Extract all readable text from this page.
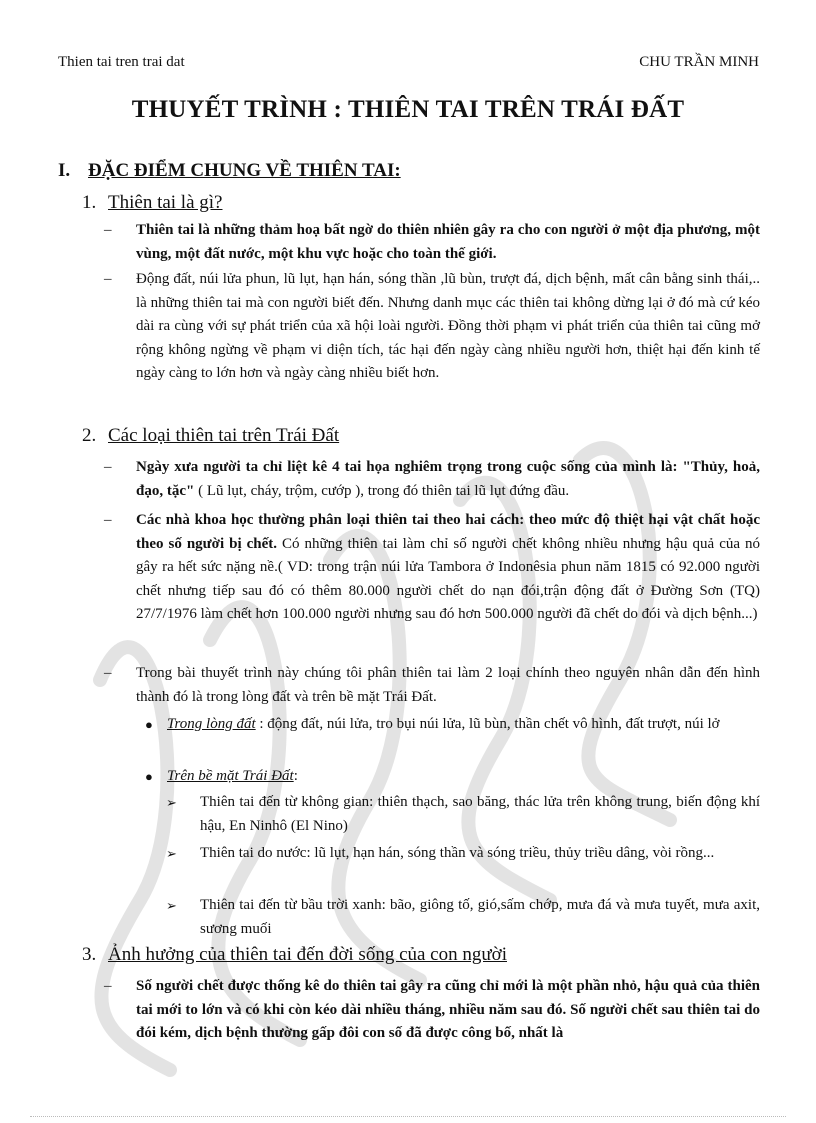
Thien tai tren trai dat	CHU TRẦN MINH
THUYẾT TRÌNH : THIÊN TAI TRÊN TRÁI ĐẤT
I. ĐẶC ĐIỂM CHUNG VỀ THIÊN TAI:
1. Thiên tai là gì?
–	Thiên tai là những thảm hoạ bất ngờ do thiên nhiên gây ra cho con người ở một địa phương, một vùng, một đất nước, một khu vực hoặc cho toàn thế giới.
–	Động đất, núi lửa phun, lũ lụt, hạn hán, sóng thần ,lũ bùn, trượt đá, dịch bệnh, mất cân bằng sinh thái,.. là những thiên tai mà con người biết đến. Nhưng danh mục các thiên tai không dừng lại ở đó mà cứ kéo dài ra cùng với sự phát triển của xã hội loài người. Đồng thời phạm vi phát triển của thiên tai cũng mở rộng không ngừng về phạm vi diện tích, tác hại đến ngày càng nhiều người hơn, thiệt hại đến kinh tế ngày càng to lớn hơn và ngày càng nhiều biết hơn.
2. Các loại thiên tai trên Trái Đất
–	Ngày xưa người ta chỉ liệt kê 4 tai họa nghiêm trọng trong cuộc sống của mình là: "Thủy, hoả, đạo, tặc" ( Lũ lụt, cháy, trộm, cướp ), trong đó thiên tai lũ lụt đứng đầu.
–	Các nhà khoa học thường phân loại thiên tai theo hai cách: theo mức độ thiệt hại vật chất hoặc theo số người bị chết. Có những thiên tai làm chỉ số người chết không nhiều nhưng hậu quả của nó gây ra hết sức nặng nề.( VD: trong trận núi lửa Tambora ở Indonêsia phun năm 1815 có 92.000 người chết nhưng tiếp sau đó có thêm 80.000 người chết do nạn đói,trận động đất ở Đường Sơn (TQ) 27/7/1976 làm chết hơn 100.000 người nhưng sau đó hơn 500.000 người đã chết do đói và dịch bệnh...)
–	Trong bài thuyết trình này chúng tôi phân thiên tai làm 2 loại chính theo nguyên nhân dẫn đến hình thành đó là trong lòng đất và trên bề mặt Trái Đất.
● Trong lòng đất : động đất, núi lửa, tro bụi núi lửa, lũ bùn, thần chết vô hình, đất trượt, núi lở
● Trên bề mặt Trái Đất:
➢ Thiên tai đến từ không gian: thiên thạch, sao băng, thác lửa trên không trung, biến động khí hậu, En Ninhô (El Nino)
➢ Thiên tai do nước: lũ lụt, hạn hán, sóng thần và sóng triều, thủy triều dâng, vòi rồng...
➢ Thiên tai đến từ bầu trời xanh: bão, giông tố, gió,sấm chớp, mưa đá và mưa tuyết, mưa axit, sương muối
3. Ảnh hưởng của thiên tai đến đời sống của con người
–	Số người chết được thống kê do thiên tai gây ra cũng chỉ mới là một phần nhỏ, hậu quả của thiên tai mới to lớn và có khi còn kéo dài nhiều tháng, nhiều năm sau đó. Số người chết sau thiên tai do đói kém, dịch bệnh thường gấp đôi con số đã được công bố, nhất là
